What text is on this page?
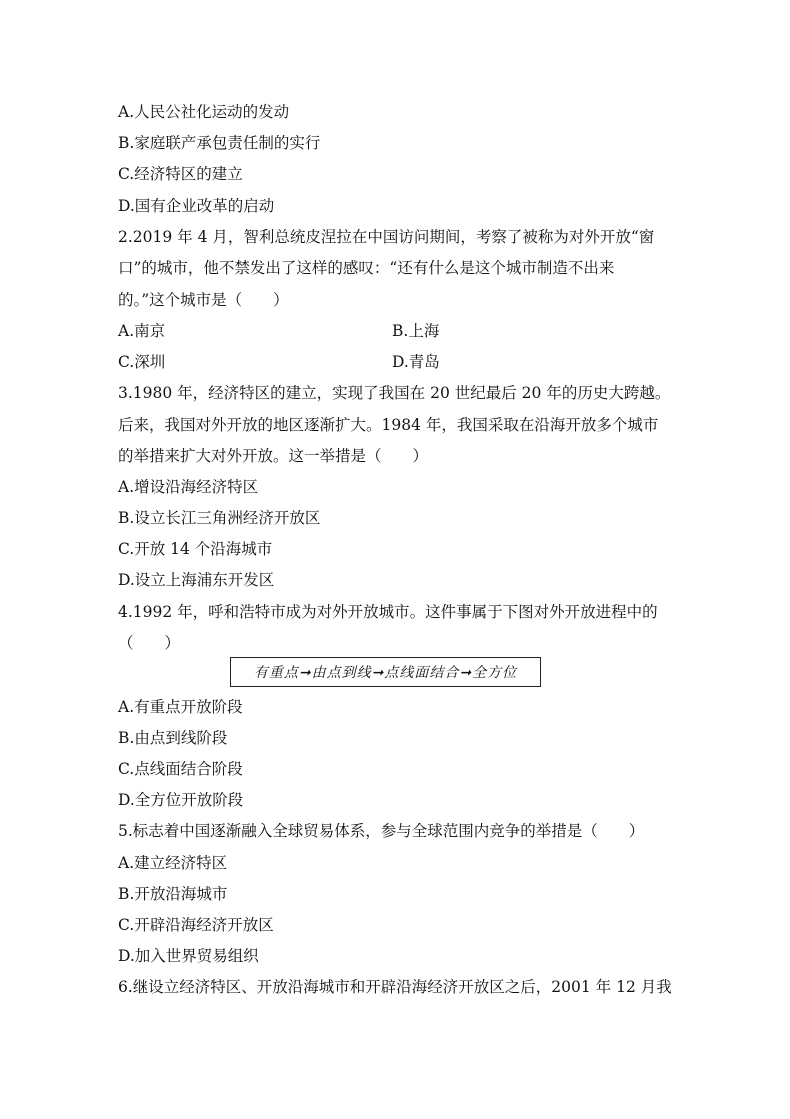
A.人民公社化运动的发动
B.家庭联产承包责任制的实行
C.经济特区的建立
D.国有企业改革的启动
2.2019 年 4 月，智利总统皮涅拉在中国访问期间，考察了被称为对外开放“窗
口”的城市，他不禁发出了这样的感叹：“还有什么是这个城市制造不出来
的。”这个城市是（　　）
A.南京	B.上海
C.深圳	D.青岛
3.1980 年，经济特区的建立，实现了我国在 20 世纪最后 20 年的历史大跨越。
后来，我国对外开放的地区逐渐扩大。1984 年，我国采取在沿海开放多个城市
的举措来扩大对外开放。这一举措是（　　）
A.增设沿海经济特区
B.设立长江三角洲经济开放区
C.开放 14 个沿海城市
D.设立上海浦东开发区
4.1992 年，呼和浩特市成为对外开放城市。这件事属于下图对外开放进程中的
（　　）
有重点➞由点到线➞点线面结合➞全方位
A.有重点开放阶段
B.由点到线阶段
C.点线面结合阶段
D.全方位开放阶段
5.标志着中国逐渐融入全球贸易体系，参与全球范围内竞争的举措是（　　）
A.建立经济特区
B.开放沿海城市
C.开辟沿海经济开放区
D.加入世界贸易组织
6.继设立经济特区、开放沿海城市和开辟沿海经济开放区之后，2001 年 12 月我
